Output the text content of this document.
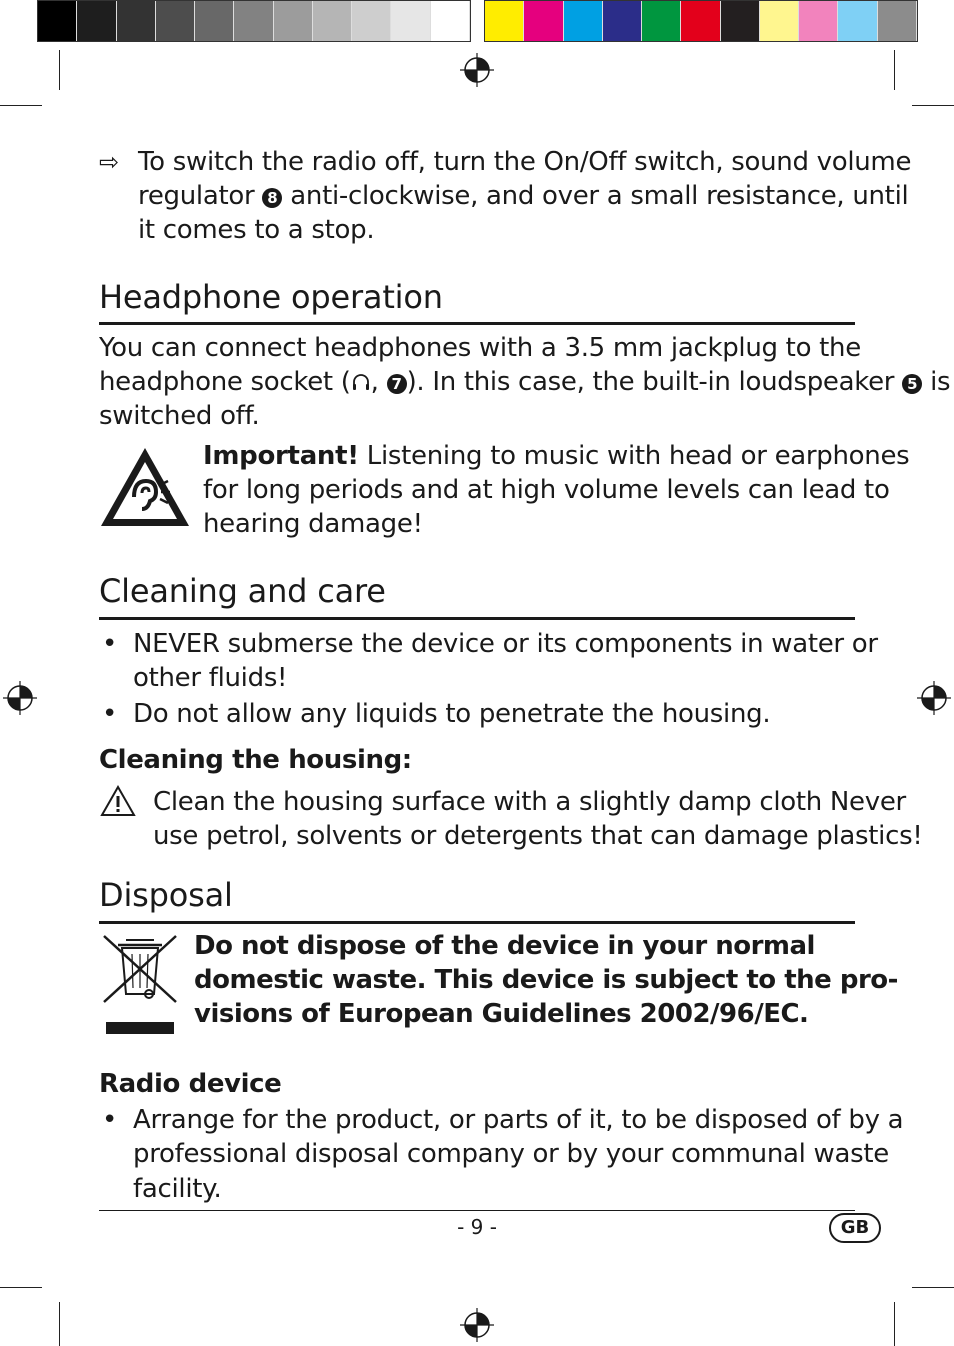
⇨ To switch the radio off, turn the On/Off switch, sound volume
regulator 8 anti-clockwise, and over a small resistance, until
it comes to a stop.
Headphone operation
You can connect headphones with a 3.5 mm jackplug to the
headphone socket ( , 7 ). In this case, the built-in loudspeaker 5 is
switched off.
Important! Listening to music with head or earphones
for long periods and at high volume levels can lead to
hearing damage!
Cleaning and care
• NEVER submerse the device or its components in water or
other fluids!
• Do not allow any liquids to penetrate the housing.
Cleaning the housing:
Clean the housing surface with a slightly damp cloth Never
use petrol, solvents or detergents that can damage plastics!
Disposal
Do not dispose of the device in your normal
domestic waste. This device is subject to the pro-
visions of European Guidelines 2002/96/EC.
Radio device
• Arrange for the product, or parts of it, to be disposed of by a
professional disposal company or by your communal waste
facility.
- 9 -	GB
